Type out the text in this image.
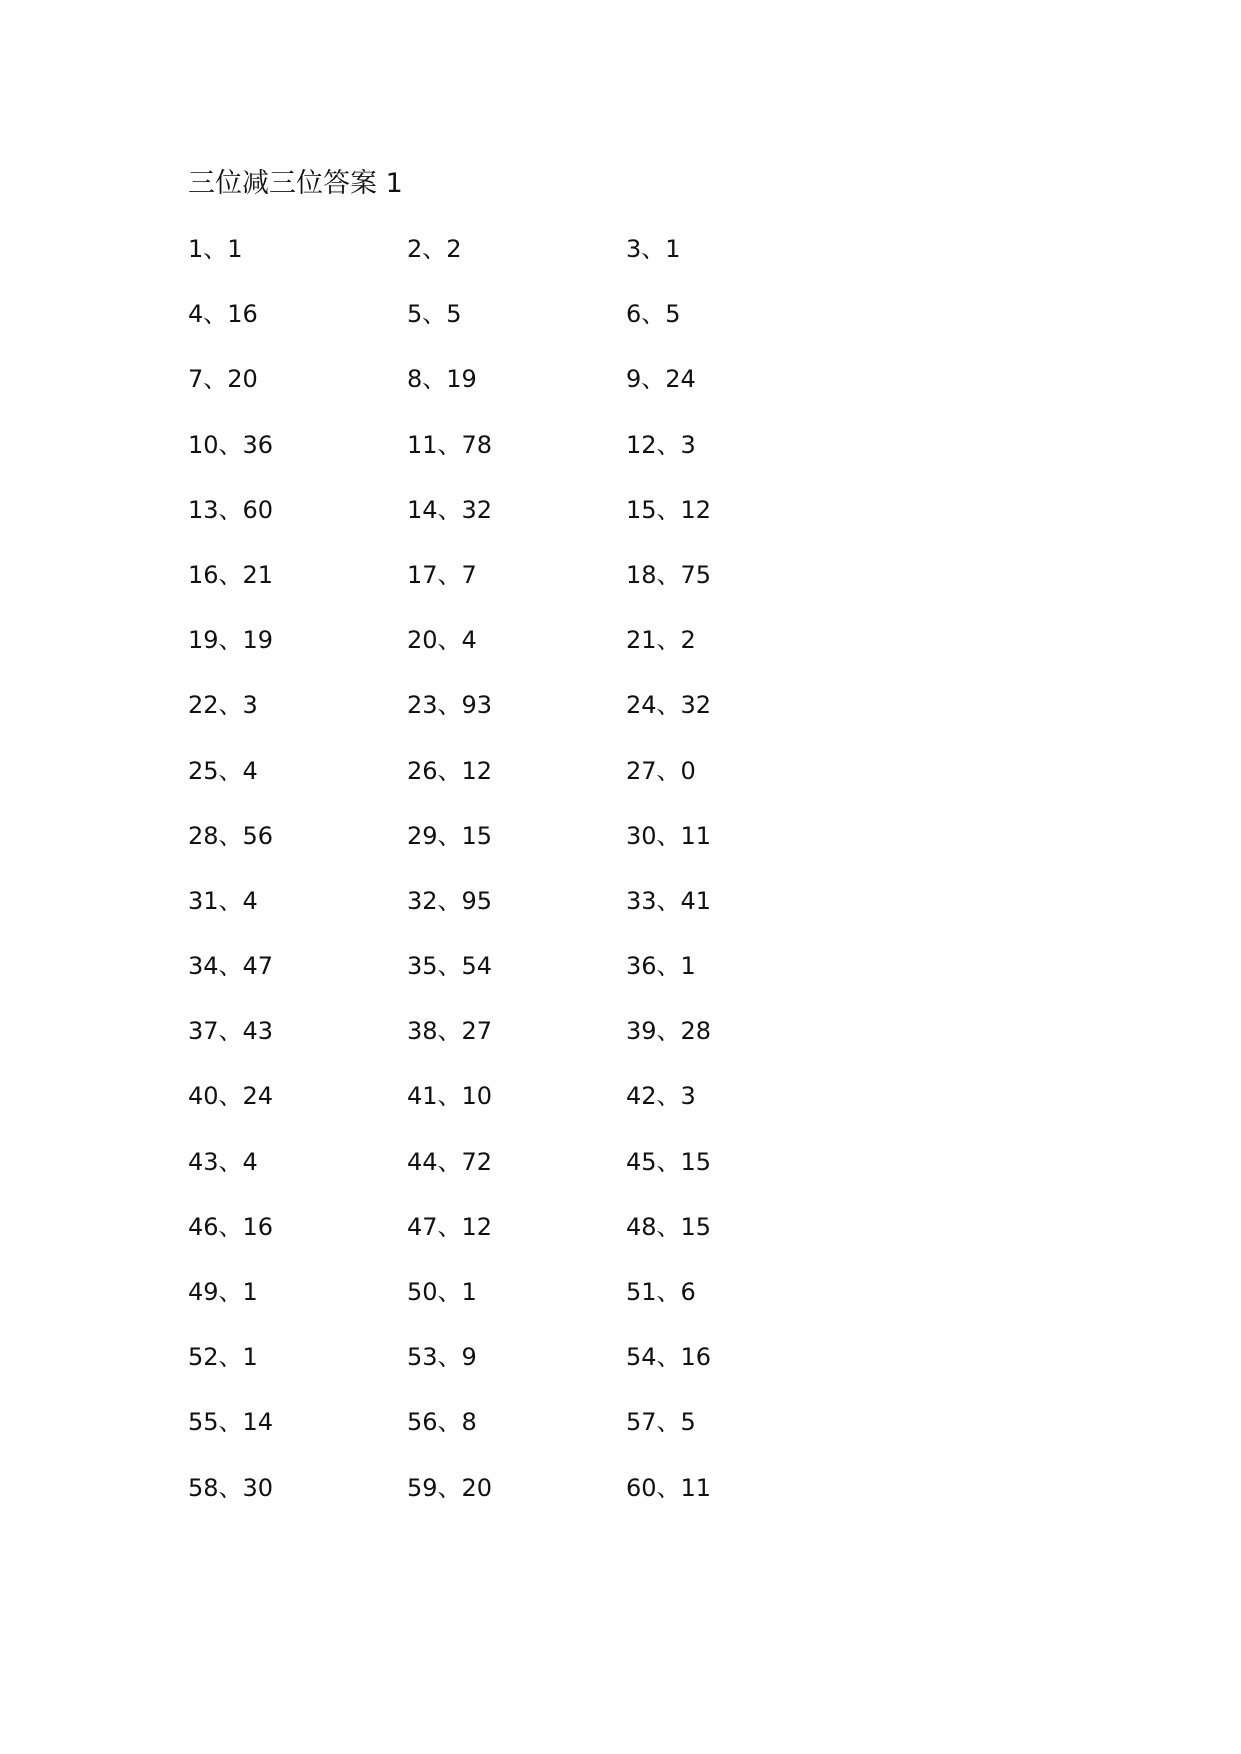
三位减三位答案 1
1、1	2、2	3、1
4、16	5、5	6、5
7、20	8、19	9、24
10、36	11、78	12、3
13、60	14、32	15、12
16、21	17、7	18、75
19、19	20、4	21、2
22、3	23、93	24、32
25、4	26、12	27、0
28、56	29、15	30、11
31、4	32、95	33、41
34、47	35、54	36、1
37、43	38、27	39、28
40、24	41、10	42、3
43、4	44、72	45、15
46、16	47、12	48、15
49、1	50、1	51、6
52、1	53、9	54、16
55、14	56、8	57、5
58、30	59、20	60、11
